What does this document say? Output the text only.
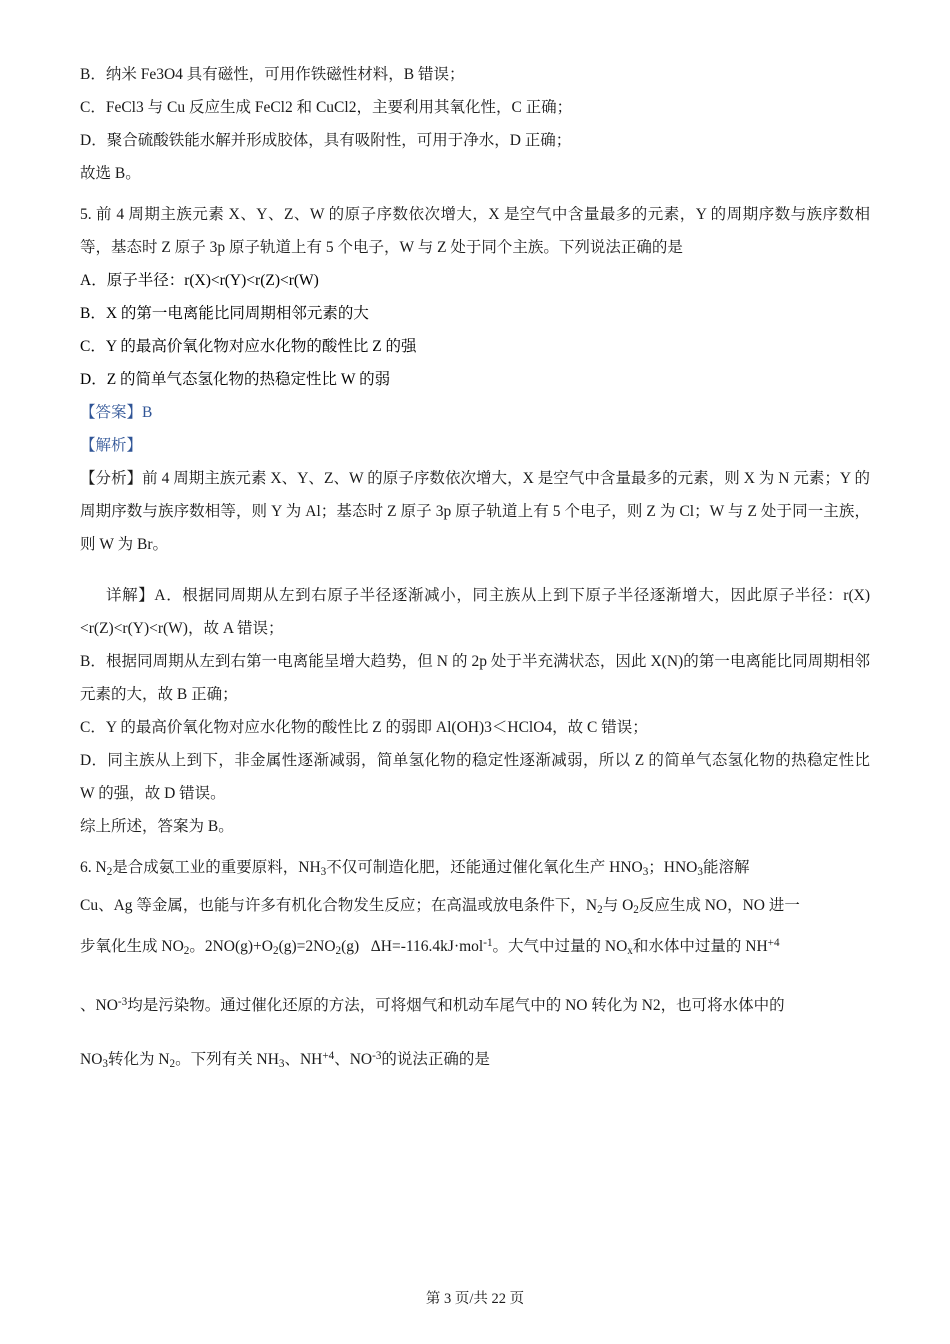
B．纳米 Fe3O4 具有磁性，可用作铁磁性材料，B 错误；
C．FeCl3 与 Cu 反应生成 FeCl2 和 CuCl2，主要利用其氧化性，C 正确；
D．聚合硫酸铁能水解并形成胶体，具有吸附性，可用于净水，D 正确；
故选 B。
5. 前 4 周期主族元素 X、Y、Z、W 的原子序数依次增大，X 是空气中含量最多的元素，Y 的周期序数与族序数相等，基态时 Z 原子 3p 原子轨道上有 5 个电子，W 与 Z 处于同个主族。下列说法正确的是
A．原子半径：r(X)<r(Y)<r(Z)<r(W)
B．X 的第一电离能比同周期相邻元素的大
C．Y 的最高价氧化物对应水化物的酸性比 Z 的强
D．Z 的简单气态氢化物的热稳定性比 W 的弱
【答案】B
【解析】
【分析】前 4 周期主族元素 X、Y、Z、W 的原子序数依次增大，X 是空气中含量最多的元素，则 X 为 N 元素；Y 的周期序数与族序数相等，则 Y 为 Al；基态时 Z 原子 3p 原子轨道上有 5 个电子，则 Z 为 Cl；W 与 Z 处于同一主族，则 W 为 Br。
详解】A．根据同周期从左到右原子半径逐渐减小，同主族从上到下原子半径逐渐增大，因此原子半径：r(X)<r(Z)<r(Y)<r(W)，故 A 错误；
B．根据同周期从左到右第一电离能呈增大趋势，但 N 的 2p 处于半充满状态，因此 X(N)的第一电离能比同周期相邻元素的大，故 B 正确；
C．Y 的最高价氧化物对应水化物的酸性比 Z 的弱即 Al(OH)3＜HClO4，故 C 错误；
D．同主族从上到下，非金属性逐渐减弱，简单氢化物的稳定性逐渐减弱，所以 Z 的简单气态氢化物的热稳定性比 W 的强，故 D 错误。
综上所述，答案为 B。
6. $N_2$是合成氨工业的重要原料，$NH_3$不仅可制造化肥，还能通过催化氧化生产 $HNO_3$；$HNO_3$能溶解
Cu、Ag 等金属，也能与许多有机化合物发生反应；在高温或放电条件下，$N_2$与 $O_2$反应生成 NO，NO 进一
步氧化生成 $NO_2$。$2NO(g)+O_2(g)=2NO_2(g)$   ΔH=-116.4kJ·mol$^{-1}$。大气中过量的 $NO_x$和水体中过量的 $NH^{+4}$
、$NO^{-3}$均是污染物。通过催化还原的方法，可将烟气和机动车尾气中的 NO 转化为 N2，也可将水体中的
$NO_3$转化为 $N_2$。下列有关 $NH_3$、$NH^{+4}$、$NO^{-3}$的说法正确的是
第 3 页/共 22 页
